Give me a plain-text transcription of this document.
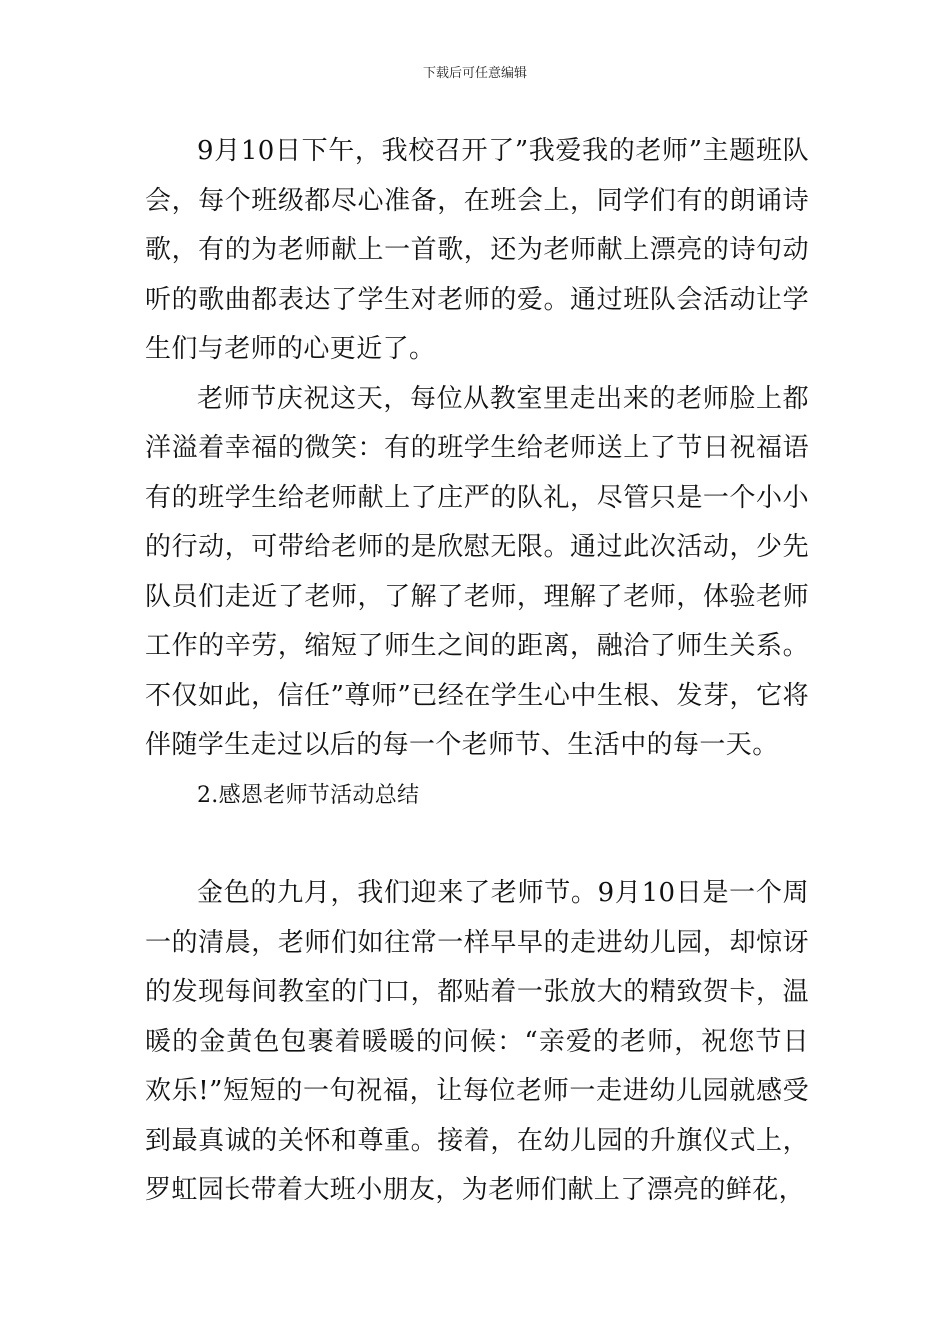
下载后可任意编辑

9月10日下午，我校召开了”我爱我的老师”主题班队会，每个班级都尽心准备，在班会上，同学们有的朗诵诗歌，有的为老师献上一首歌，还为老师献上漂亮的诗句动听的歌曲都表达了学生对老师的爱。通过班队会活动让学生们与老师的心更近了。

老师节庆祝这天，每位从教室里走出来的老师脸上都洋溢着幸福的微笑：有的班学生给老师送上了节日祝福语有的班学生给老师献上了庄严的队礼，尽管只是一个小小的行动，可带给老师的是欣慰无限。通过此次活动，少先队员们走近了老师，了解了老师，理解了老师，体验老师工作的辛劳，缩短了师生之间的距离，融洽了师生关系。不仅如此，信任”尊师”已经在学生心中生根、发芽，它将伴随学生走过以后的每一个老师节、生活中的每一天。

2.感恩老师节活动总结

金色的九月，我们迎来了老师节。9月10日是一个周一的清晨，老师们如往常一样早早的走进幼儿园，却惊讶的发现每间教室的门口，都贴着一张放大的精致贺卡，温暖的金黄色包裹着暖暖的问候：“亲爱的老师，祝您节日欢乐!”短短的一句祝福，让每位老师一走进幼儿园就感受到最真诚的关怀和尊重。接着，在幼儿园的升旗仪式上，罗虹园长带着大班小朋友，为老师们献上了漂亮的鲜花，
